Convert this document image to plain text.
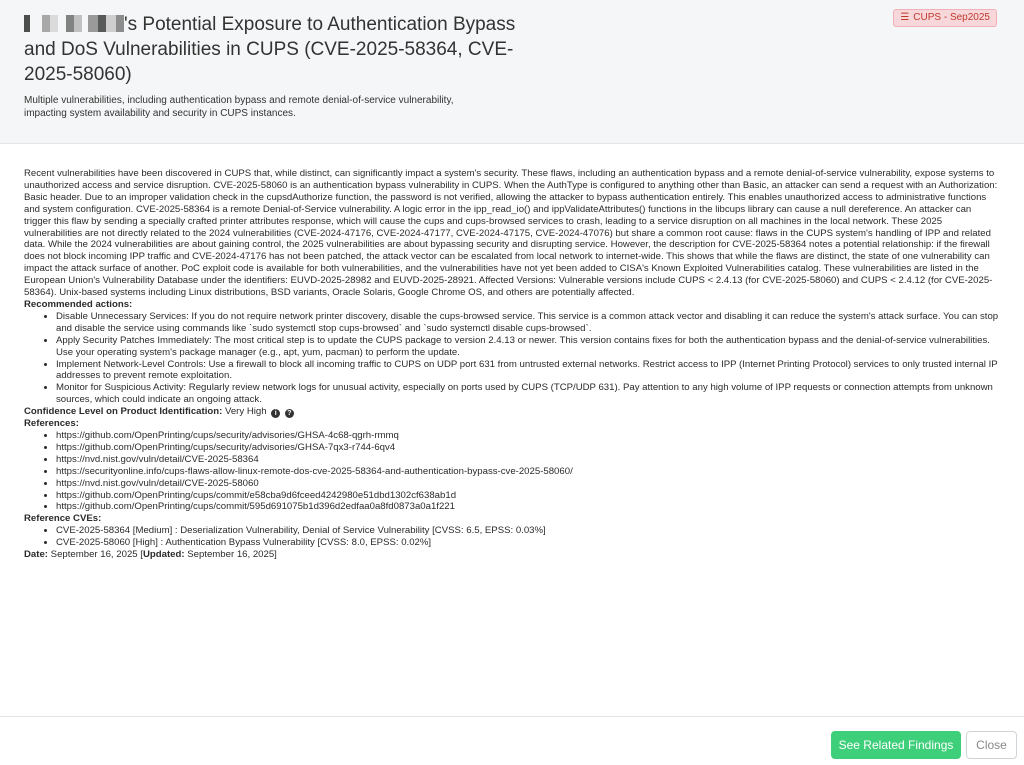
's Potential Exposure to Authentication Bypass and DoS Vulnerabilities in CUPS (CVE-2025-58364, CVE-2025-58060)

Multiple vulnerabilities, including authentication bypass and remote denial-of-service vulnerability, impacting system availability and security in CUPS instances.

☰ CUPS - Sep2025

Recent vulnerabilities have been discovered in CUPS that, while distinct, can significantly impact a system's security. These flaws, including an authentication bypass and a remote denial-of-service vulnerability, expose systems to unauthorized access and service disruption. CVE-2025-58060 is an authentication bypass vulnerability in CUPS. When the AuthType is configured to anything other than Basic, an attacker can send a request with an Authorization: Basic header. Due to an improper validation check in the cupsdAuthorize function, the password is not verified, allowing the attacker to bypass authentication entirely. This enables unauthorized access to administrative functions and system configuration. CVE-2025-58364 is a remote Denial-of-Service vulnerability. A logic error in the ipp_read_io() and ippValidateAttributes() functions in the libcups library can cause a null dereference. An attacker can trigger this flaw by sending a specially crafted printer attributes response, which will cause the cups and cups-browsed services to crash, leading to a service disruption on all machines in the local network. These 2025 vulnerabilities are not directly related to the 2024 vulnerabilities (CVE-2024-47176, CVE-2024-47177, CVE-2024-47175, CVE-2024-47076) but share a common root cause: flaws in the CUPS system's handling of IPP and related data. While the 2024 vulnerabilities are about gaining control, the 2025 vulnerabilities are about bypassing security and disrupting service. However, the description for CVE-2025-58364 notes a potential relationship: if the firewall does not block incoming IPP traffic and CVE-2024-47176 has not been patched, the attack vector can be escalated from local network to internet-wide. This shows that while the flaws are distinct, the state of one vulnerability can impact the attack surface of another. PoC exploit code is available for both vulnerabilities, and the vulnerabilities have not yet been added to CISA's Known Exploited Vulnerabilities catalog. These vulnerabilities are listed in the European Union's Vulnerability Database under the identifiers: EUVD-2025-28982 and EUVD-2025-28921. Affected Versions: Vulnerable versions include CUPS < 2.4.13 (for CVE-2025-58060) and CUPS < 2.4.12 (for CVE-2025-58364). Unix-based systems including Linux distributions, BSD variants, Oracle Solaris, Google Chrome OS, and others are potentially affected.

Recommended actions:

• Disable Unnecessary Services: If you do not require network printer discovery, disable the cups-browsed service. This service is a common attack vector and disabling it can reduce the system's attack surface. You can stop and disable the service using commands like `sudo systemctl stop cups-browsed` and `sudo systemctl disable cups-browsed`.
• Apply Security Patches Immediately: The most critical step is to update the CUPS package to version 2.4.13 or newer. This version contains fixes for both the authentication bypass and the denial-of-service vulnerabilities. Use your operating system's package manager (e.g., apt, yum, pacman) to perform the update.
• Implement Network-Level Controls: Use a firewall to block all incoming traffic to CUPS on UDP port 631 from untrusted external networks. Restrict access to IPP (Internet Printing Protocol) services to only trusted internal IP addresses to prevent remote exploitation.
• Monitor for Suspicious Activity: Regularly review network logs for unusual activity, especially on ports used by CUPS (TCP/UDP 631). Pay attention to any high volume of IPP requests or connection attempts from unknown sources, which could indicate an ongoing attack.

Confidence Level on Product Identification: Very High i ?

References:

• https://github.com/OpenPrinting/cups/security/advisories/GHSA-4c68-qgrh-rmmq
• https://github.com/OpenPrinting/cups/security/advisories/GHSA-7qx3-r744-6qv4
• https://nvd.nist.gov/vuln/detail/CVE-2025-58364
• https://securityonline.info/cups-flaws-allow-linux-remote-dos-cve-2025-58364-and-authentication-bypass-cve-2025-58060/
• https://nvd.nist.gov/vuln/detail/CVE-2025-58060
• https://github.com/OpenPrinting/cups/commit/e58cba9d6fceed4242980e51dbd1302cf638ab1d
• https://github.com/OpenPrinting/cups/commit/595d691075b1d396d2edfaa0a8fd0873a0a1f221

Reference CVEs:

• CVE-2025-58364 [Medium] : Deserialization Vulnerability, Denial of Service Vulnerability [CVSS: 6.5, EPSS: 0.03%]
• CVE-2025-58060 [High] : Authentication Bypass Vulnerability [CVSS: 8.0, EPSS: 0.02%]

Date: September 16, 2025 [Updated: September 16, 2025]

See Related Findings	Close
